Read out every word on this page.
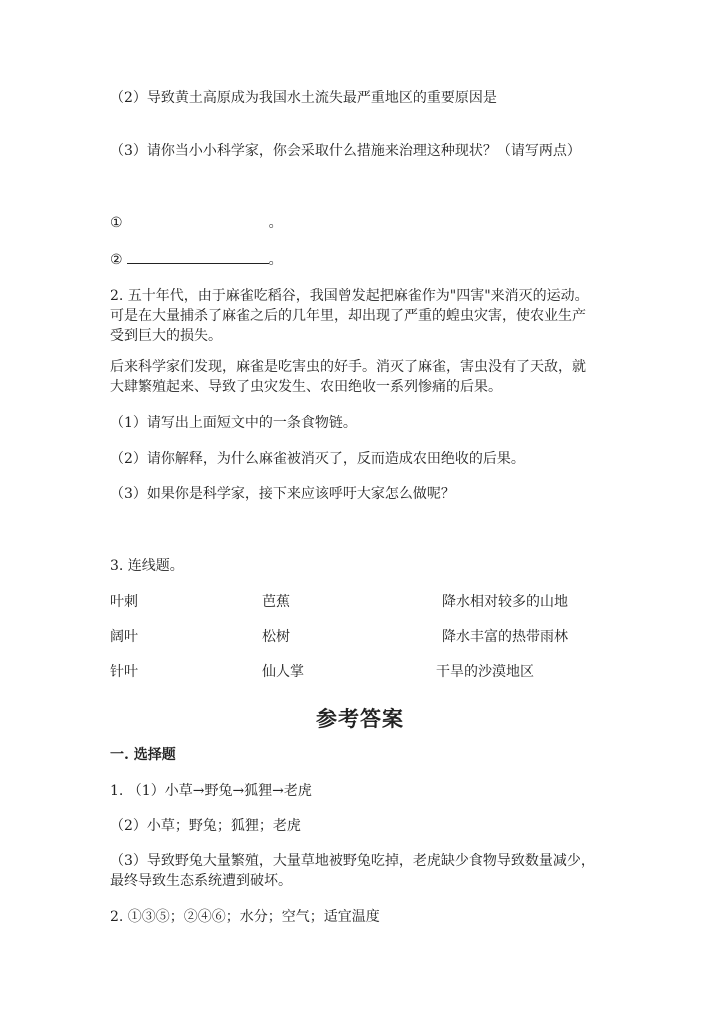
（2）导致黄土高原成为我国水土流失最严重地区的重要原因是
（3）请你当小小科学家，你会采取什么措施来治理这种现状？（请写两点）
①	。
②	。
2. 五十年代，由于麻雀吃稻谷，我国曾发起把麻雀作为"四害"来消灭的运动。
可是在大量捕杀了麻雀之后的几年里，却出现了严重的蝗虫灾害，使农业生产
受到巨大的损失。
后来科学家们发现，麻雀是吃害虫的好手。消灭了麻雀，害虫没有了天敌，就
大肆繁殖起来、导致了虫灾发生、农田绝收一系列惨痛的后果。
（1）请写出上面短文中的一条食物链。
（2）请你解释，为什么麻雀被消灭了，反而造成农田绝收的后果。
（3）如果你是科学家，接下来应该呼吁大家怎么做呢？
3. 连线题。
叶刺	芭蕉	降水相对较多的山地
阔叶	松树	降水丰富的热带雨林
针叶	仙人掌	干旱的沙漠地区
参考答案
一. 选择题
1. （1）小草→野兔→狐狸→老虎
（2）小草；野兔；狐狸；老虎
（3）导致野兔大量繁殖，大量草地被野兔吃掉，老虎缺少食物导致数量减少，
最终导致生态系统遭到破坏。
2. ①③⑤；②④⑥；水分；空气；适宜温度
